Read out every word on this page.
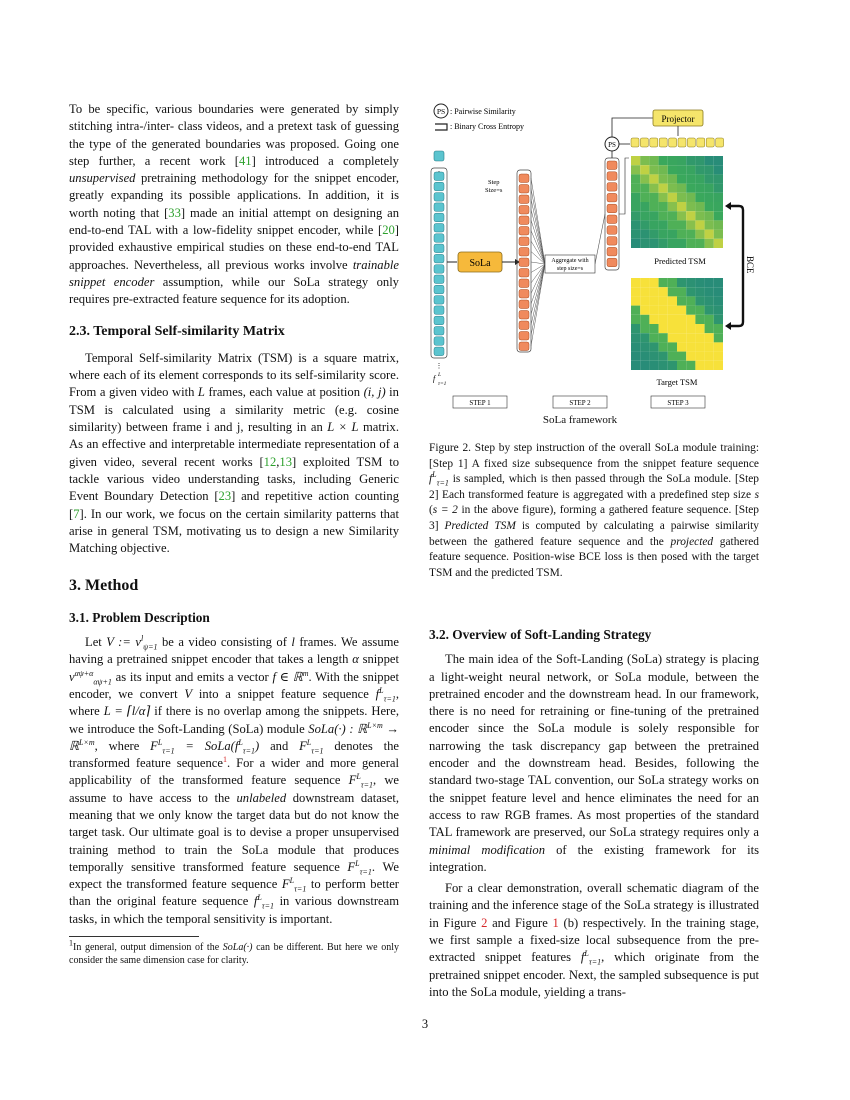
To be specific, various boundaries were generated by simply stitching intra-/inter- class videos, and a pretext task of guessing the type of the generated boundaries was proposed. Going one step further, a recent work [41] introduced a completely unsupervised pretraining methodology for the snippet encoder, greatly expanding its possible applications. In addition, it is worth noting that [33] made an initial attempt on designing an end-to-end TAL with a low-fidelity snippet encoder, while [20] provided exhaustive empirical studies on these end-to-end TAL approaches. Nevertheless, all previous works involve trainable snippet encoder assumption, while our SoLa strategy only requires pre-extracted feature sequence for its adoption.

2.3. Temporal Self-similarity Matrix

Temporal Self-similarity Matrix (TSM) is a square matrix, where each of its element corresponds to its self-similarity score. From a given video with L frames, each value at position (i, j) in TSM is calculated using a similarity metric (e.g. cosine similarity) between frame i and j, resulting in an L × L matrix. As an effective and interpretable intermediate representation of a given video, several recent works [12,13] exploited TSM to tackle various video understanding tasks, including Generic Event Boundary Detection [23] and repetitive action counting [7]. In our work, we focus on the certain similarity patterns that arise in general TSM, motivating us to design a new Similarity Matching objective.

3. Method
3.1. Problem Description

Let V := $v^l_{\psi=1}$ be a video consisting of l frames. We assume having a pretrained snippet encoder that takes a length α snippet $v^{\alpha\psi+\alpha}_{\alpha\psi+1}$ as its input and emits a vector f ∈ ℝ$^m$. With the snippet encoder, we convert V into a snippet feature sequence $f^L_{\tau=1}$, where L = ⌈l/α⌉ if there is no overlap among the snippets. Here, we introduce the Soft-Landing (SoLa) module SoLa(·) : ℝ$^{L\times m}$ → ℝ$^{L\times m}$, where $F^L_{\tau=1}$ = $SoLa(f^L_{\tau=1})$ and $F^L_{\tau=1}$ denotes the transformed feature sequence$^1$. For a wider and more general applicability of the transformed feature sequence $F^L_{\tau=1}$, we assume to have access to the unlabeled downstream dataset, meaning that we only know the target data but do not know the target task. Our ultimate goal is to devise a proper unsupervised training method to train the SoLa module that produces temporally sensitive transformed feature sequence $F^L_{\tau=1}$. We expect the transformed feature sequence $F^L_{\tau=1}$ to perform better than the original feature sequence $f^L_{\tau=1}$ in various downstream tasks, in which the temporal sensitivity is important.

$^1$In general, output dimension of the SoLa(·) can be different. But here we only consider the same dimension case for clarity.
PS : Pairwise Similarity
: Binary Cross Entropy
⋮
f L
τ=1
SoLa
Step
Size=s
Aggregate with
step size=s
PS
Projector
Predicted TSM
Target TSM
BCE
STEP 1	STEP 2	STEP 3
SoLa framework
Figure 2. Step by step instruction of the overall SoLa module training: [Step 1] A fixed size subsequence from the snippet feature sequence $f^L_{\tau=1}$ is sampled, which is then passed through the SoLa module. [Step 2] Each transformed feature is aggregated with a predefined step size s (s = 2 in the above figure), forming a gathered feature sequence. [Step 3] Predicted TSM is computed by calculating a pairwise similarity between the gathered feature sequence and the projected gathered feature sequence. Position-wise BCE loss is then posed with the target TSM and the predicted TSM.
3.2. Overview of Soft-Landing Strategy

The main idea of the Soft-Landing (SoLa) strategy is placing a light-weight neural network, or SoLa module, between the pretrained encoder and the downstream head. In our framework, there is no need for retraining or fine-tuning of the pretrained encoder since the SoLa module is solely responsible for narrowing the task discrepancy gap between the pretrained encoder and the downstream head. Besides, following the standard two-stage TAL convention, our SoLa strategy works on the snippet feature level and hence eliminates the need for an access to raw RGB frames. As most properties of the standard TAL framework are preserved, our SoLa strategy requires only a minimal modification of the existing framework for its integration.

For a clear demonstration, overall schematic diagram of the training and the inference stage of the SoLa strategy is illustrated in Figure 2 and Figure 1 (b) respectively. In the training stage, we first sample a fixed-size local subsequence from the pre-extracted snippet features $f^L_{\tau=1}$, which originate from the pretrained snippet encoder. Next, the sampled subsequence is put into the SoLa module, yielding a trans-

3
